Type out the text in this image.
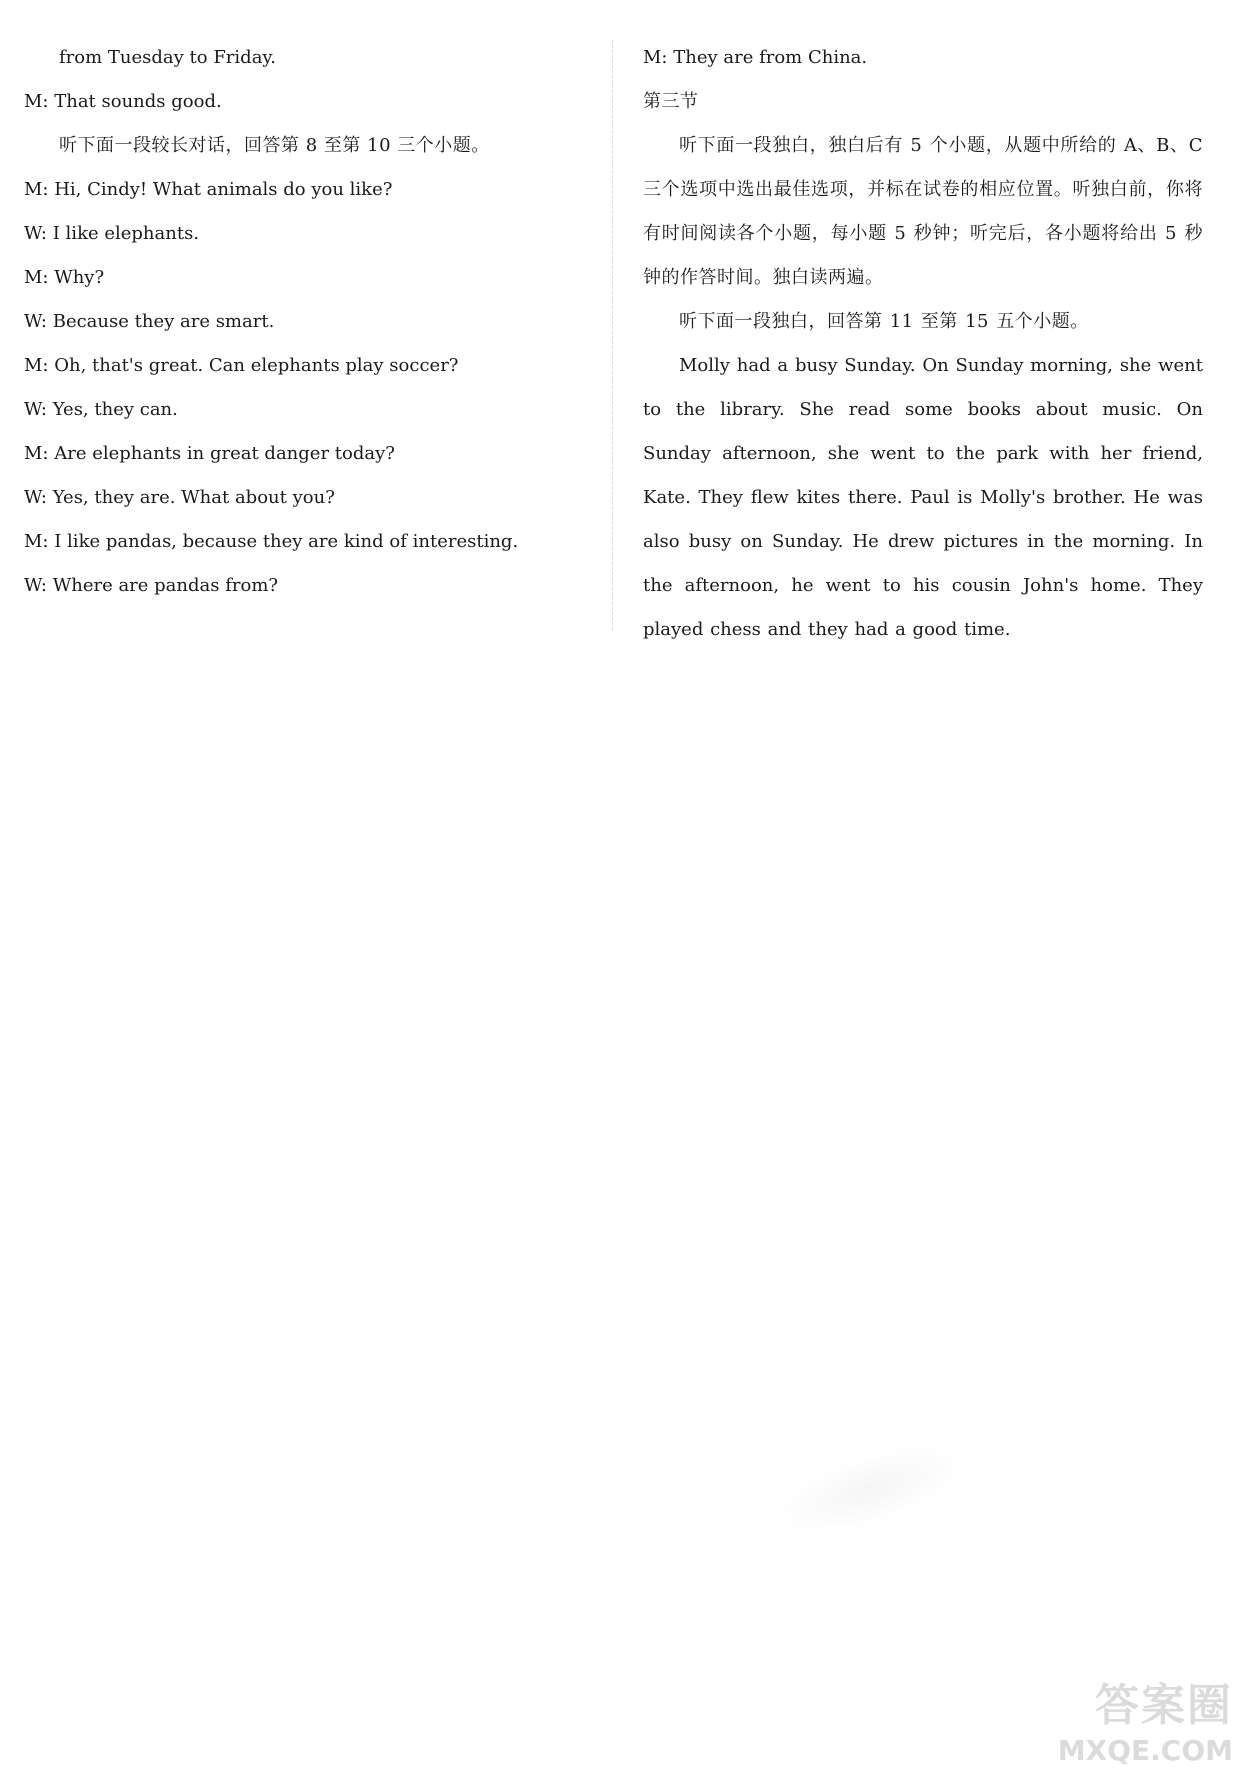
from Tuesday to Friday.
M: That sounds good.
听下面一段较长对话，回答第 8 至第 10 三个小题。
M: Hi, Cindy! What animals do you like?
W: I like elephants.
M: Why?
W: Because they are smart.
M: Oh, that's great. Can elephants play soccer?
W: Yes, they can.
M: Are elephants in great danger today?
W: Yes, they are. What about you?
M: I like pandas, because they are kind of interesting.
W: Where are pandas from?
M: They are from China.
第三节
听下面一段独白，独白后有 5 个小题，从题中所给的 A、B、C 三个选项中选出最佳选项，并标在试卷的相应位置。听独白前，你将有时间阅读各个小题，每小题 5 秒钟；听完后，各小题将给出 5 秒钟的作答时间。独白读两遍。
听下面一段独白，回答第 11 至第 15 五个小题。
Molly had a busy Sunday. On Sunday morning, she went to the library. She read some books about music. On Sunday afternoon, she went to the park with her friend, Kate. They flew kites there. Paul is Molly's brother. He was also busy on Sunday. He drew pictures in the morning. In the afternoon, he went to his cousin John's home. They played chess and they had a good time.
答案圈
MXQE.COM
